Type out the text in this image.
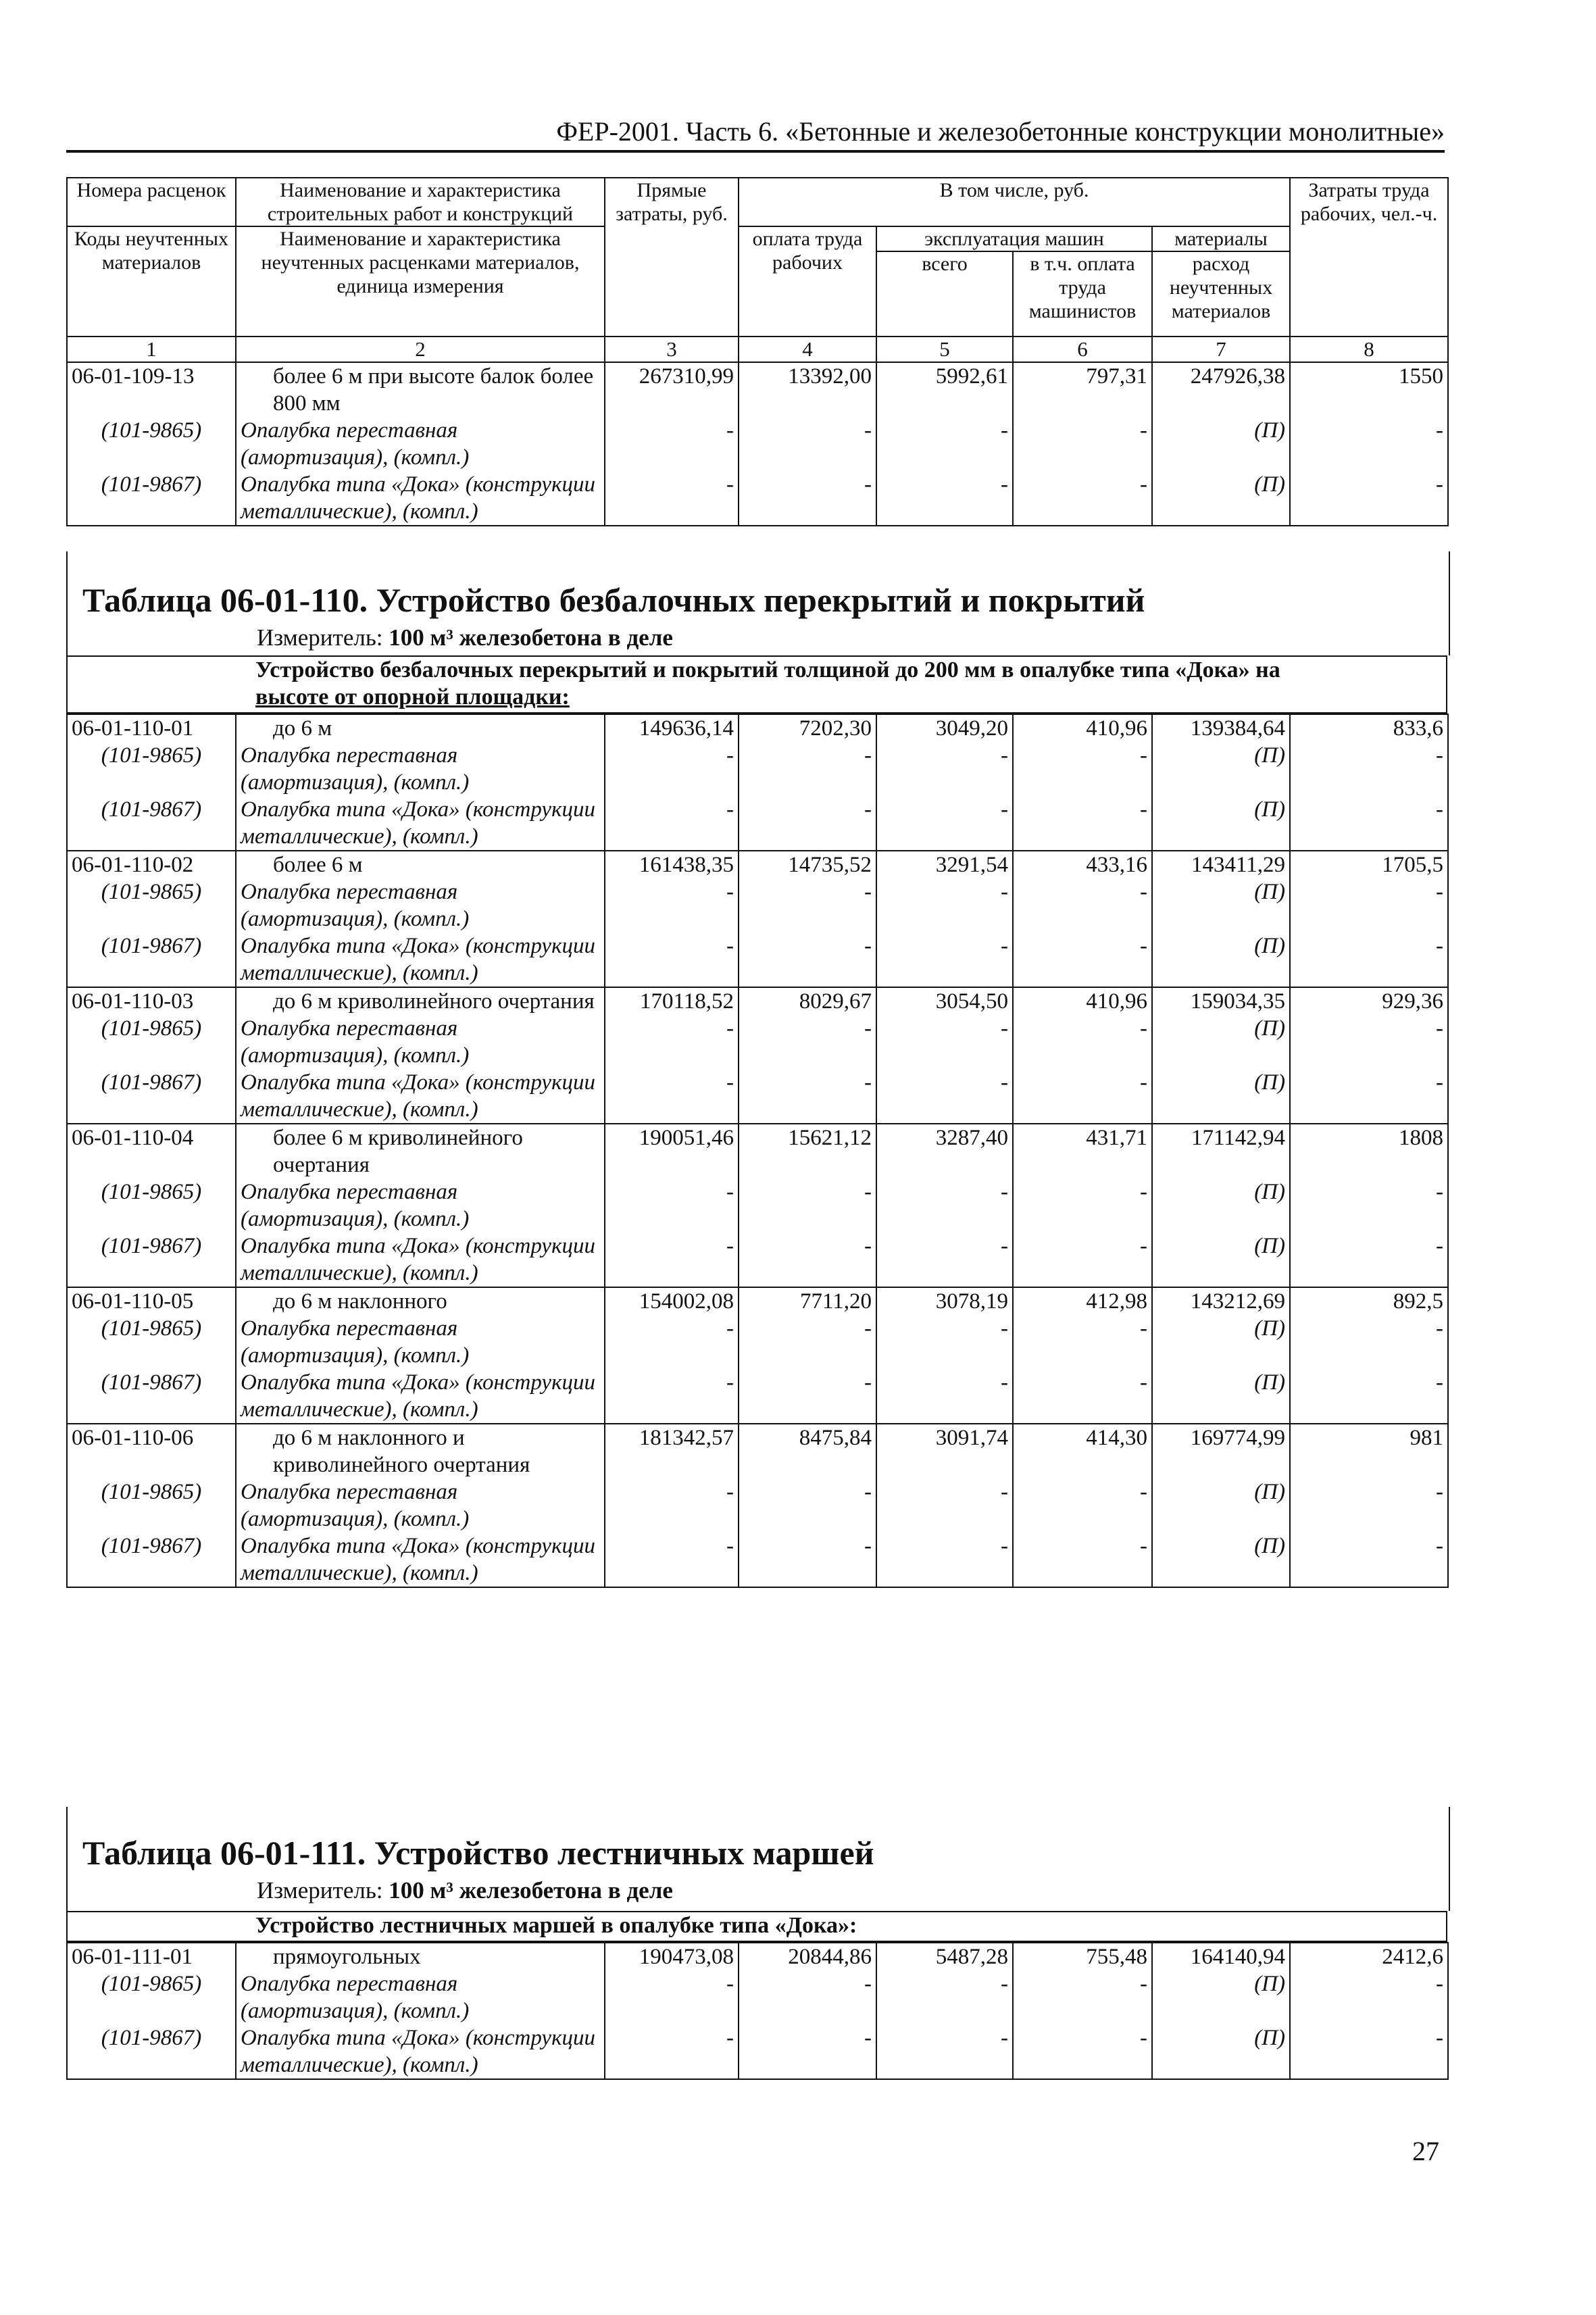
ФЕР-2001. Часть 6. «Бетонные и железобетонные конструкции монолитные»
Номера расценок	Наименование и характеристика строительных работ и конструкций	Прямые затраты, руб.	В том числе, руб.				Затраты труда рабочих, чел.-ч.
Коды неучтенных материалов	Наименование и характеристика неучтенных расценками материалов, единица измерения		оплата труда рабочих	эксплуатация машин		материалы	
				всего	в т.ч. оплата труда машинистов	расход неучтенных материалов	
1	2	3	4	5	6	7	8

06-01-109-13	более 6 м при высоте балок более 800 мм	267310,99	13392,00	5992,61	797,31	247926,38	1550

(101-9865)	Опалубка переставная (амортизация), (компл.)	-	-	-	-	(П)	-

(101-9867)	Опалубка типа «Дока» (конструкции металлические), (компл.)	-	-	-	-	(П)	-
Таблица 06-01-110. Устройство безбалочных перекрытий и покрытий
Измеритель: 100 м³ железобетона в деле
Устройство безбалочных перекрытий и покрытий толщиной до 200 мм в опалубке типа «Дока» на
высоте от опорной площадки:
06-01-110-01	до 6 м	149636,14	7202,30	3049,20	410,96	139384,64	833,6

(101-9865)	Опалубка переставная (амортизация), (компл.)	-	-	-	-	(П)	-

(101-9867)	Опалубка типа «Дока» (конструкции металлические), (компл.)	-	-	-	-	(П)	-

06-01-110-02	более 6 м	161438,35	14735,52	3291,54	433,16	143411,29	1705,5

(101-9865)	Опалубка переставная (амортизация), (компл.)	-	-	-	-	(П)	-

(101-9867)	Опалубка типа «Дока» (конструкции металлические), (компл.)	-	-	-	-	(П)	-

06-01-110-03	до 6 м криволинейного очертания	170118,52	8029,67	3054,50	410,96	159034,35	929,36

(101-9865)	Опалубка переставная (амортизация), (компл.)	-	-	-	-	(П)	-

(101-9867)	Опалубка типа «Дока» (конструкции металлические), (компл.)	-	-	-	-	(П)	-

06-01-110-04	более 6 м криволинейного очертания	190051,46	15621,12	3287,40	431,71	171142,94	1808

(101-9865)	Опалубка переставная (амортизация), (компл.)	-	-	-	-	(П)	-

(101-9867)	Опалубка типа «Дока» (конструкции металлические), (компл.)	-	-	-	-	(П)	-

06-01-110-05	до 6 м наклонного	154002,08	7711,20	3078,19	412,98	143212,69	892,5

(101-9865)	Опалубка переставная (амортизация), (компл.)	-	-	-	-	(П)	-

(101-9867)	Опалубка типа «Дока» (конструкции металлические), (компл.)	-	-	-	-	(П)	-

06-01-110-06	до 6 м наклонного и криволинейного очертания	181342,57	8475,84	3091,74	414,30	169774,99	981

(101-9865)	Опалубка переставная (амортизация), (компл.)	-	-	-	-	(П)	-

(101-9867)	Опалубка типа «Дока» (конструкции металлические), (компл.)	-	-	-	-	(П)	-
Таблица 06-01-111. Устройство лестничных маршей
Измеритель: 100 м³ железобетона в деле
Устройство лестничных маршей в опалубке типа «Дока»:
06-01-111-01	прямоугольных	190473,08	20844,86	5487,28	755,48	164140,94	2412,6

(101-9865)	Опалубка переставная (амортизация), (компл.)	-	-	-	-	(П)	-

(101-9867)	Опалубка типа «Дока» (конструкции металлические), (компл.)	-	-	-	-	(П)	-
27
